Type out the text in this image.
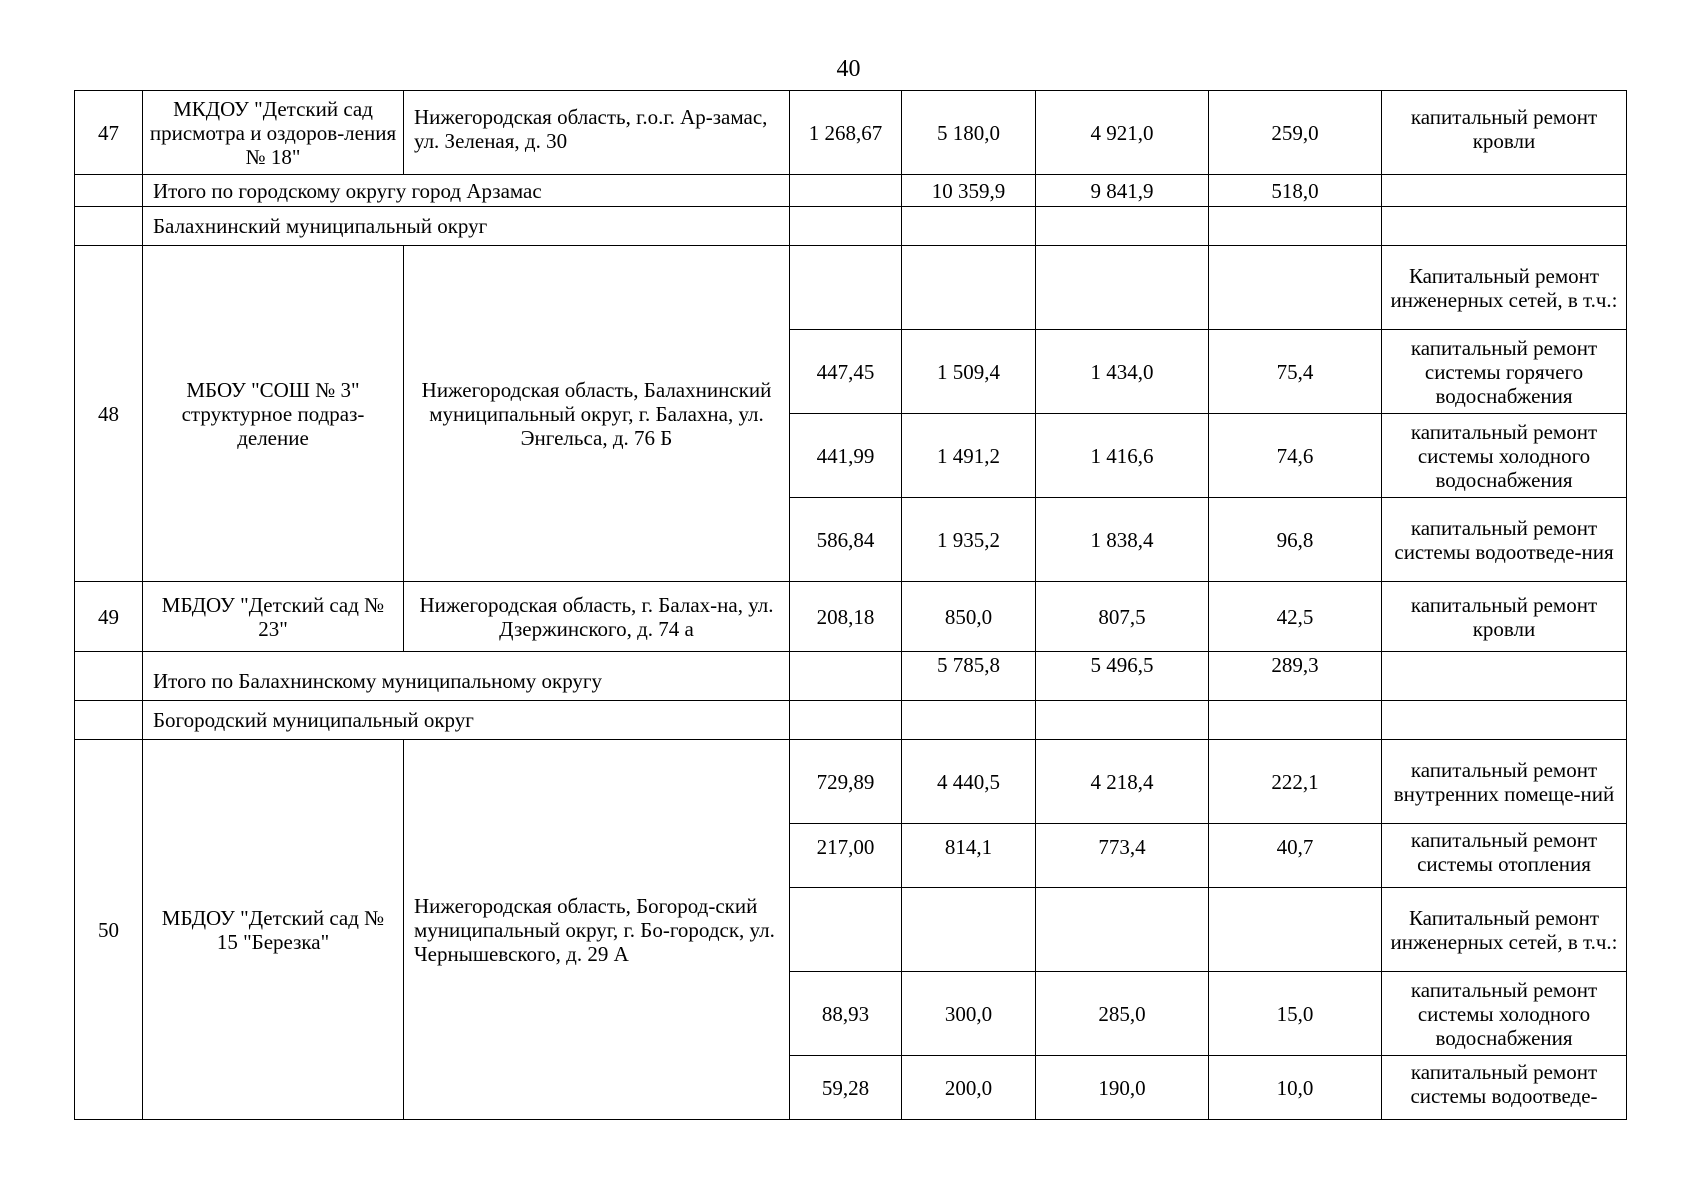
40
47	МКДОУ "Детский сад присмотра и оздоров-ления № 18"	Нижегородская область, г.о.г. Ар-замас, ул. Зеленая, д. 30	1 268,67	5 180,0	4 921,0	259,0	капитальный ремонт кровли
	Итого по городскому округу город Арзамас			10 359,9	9 841,9	518,0	
	Балахнинский муниципальный округ						
48	МБОУ "СОШ № 3" структурное подраз-деление	Нижегородская область, Балахнинский муниципальный округ, г. Балахна, ул. Энгельса, д. 76 Б					Капитальный ремонт инженерных сетей, в т.ч.:
			447,45	1 509,4	1 434,0	75,4	капитальный ремонт системы горячего водоснабжения
			441,99	1 491,2	1 416,6	74,6	капитальный ремонт системы холодного водоснабжения
			586,84	1 935,2	1 838,4	96,8	капитальный ремонт системы водоотведе-ния
49	МБДОУ "Детский сад № 23"	Нижегородская область, г. Балах-на, ул. Дзержинского, д. 74 а	208,18	850,0	807,5	42,5	капитальный ремонт кровли
	Итого по Балахнинскому муниципальному округу			5 785,8	5 496,5	289,3	
	Богородский муниципальный округ						
50	МБДОУ "Детский сад № 15 "Березка"	Нижегородская область, Богород-ский муниципальный округ, г. Бо-городск, ул. Чернышевского, д. 29 А	729,89	4 440,5	4 218,4	222,1	капитальный ремонт внутренних помеще-ний
			217,00	814,1	773,4	40,7	капитальный ремонт системы отопления
							Капитальный ремонт инженерных сетей, в т.ч.:
			88,93	300,0	285,0	15,0	капитальный ремонт системы холодного водоснабжения
			59,28	200,0	190,0	10,0	капитальный ремонт системы водоотведе-
